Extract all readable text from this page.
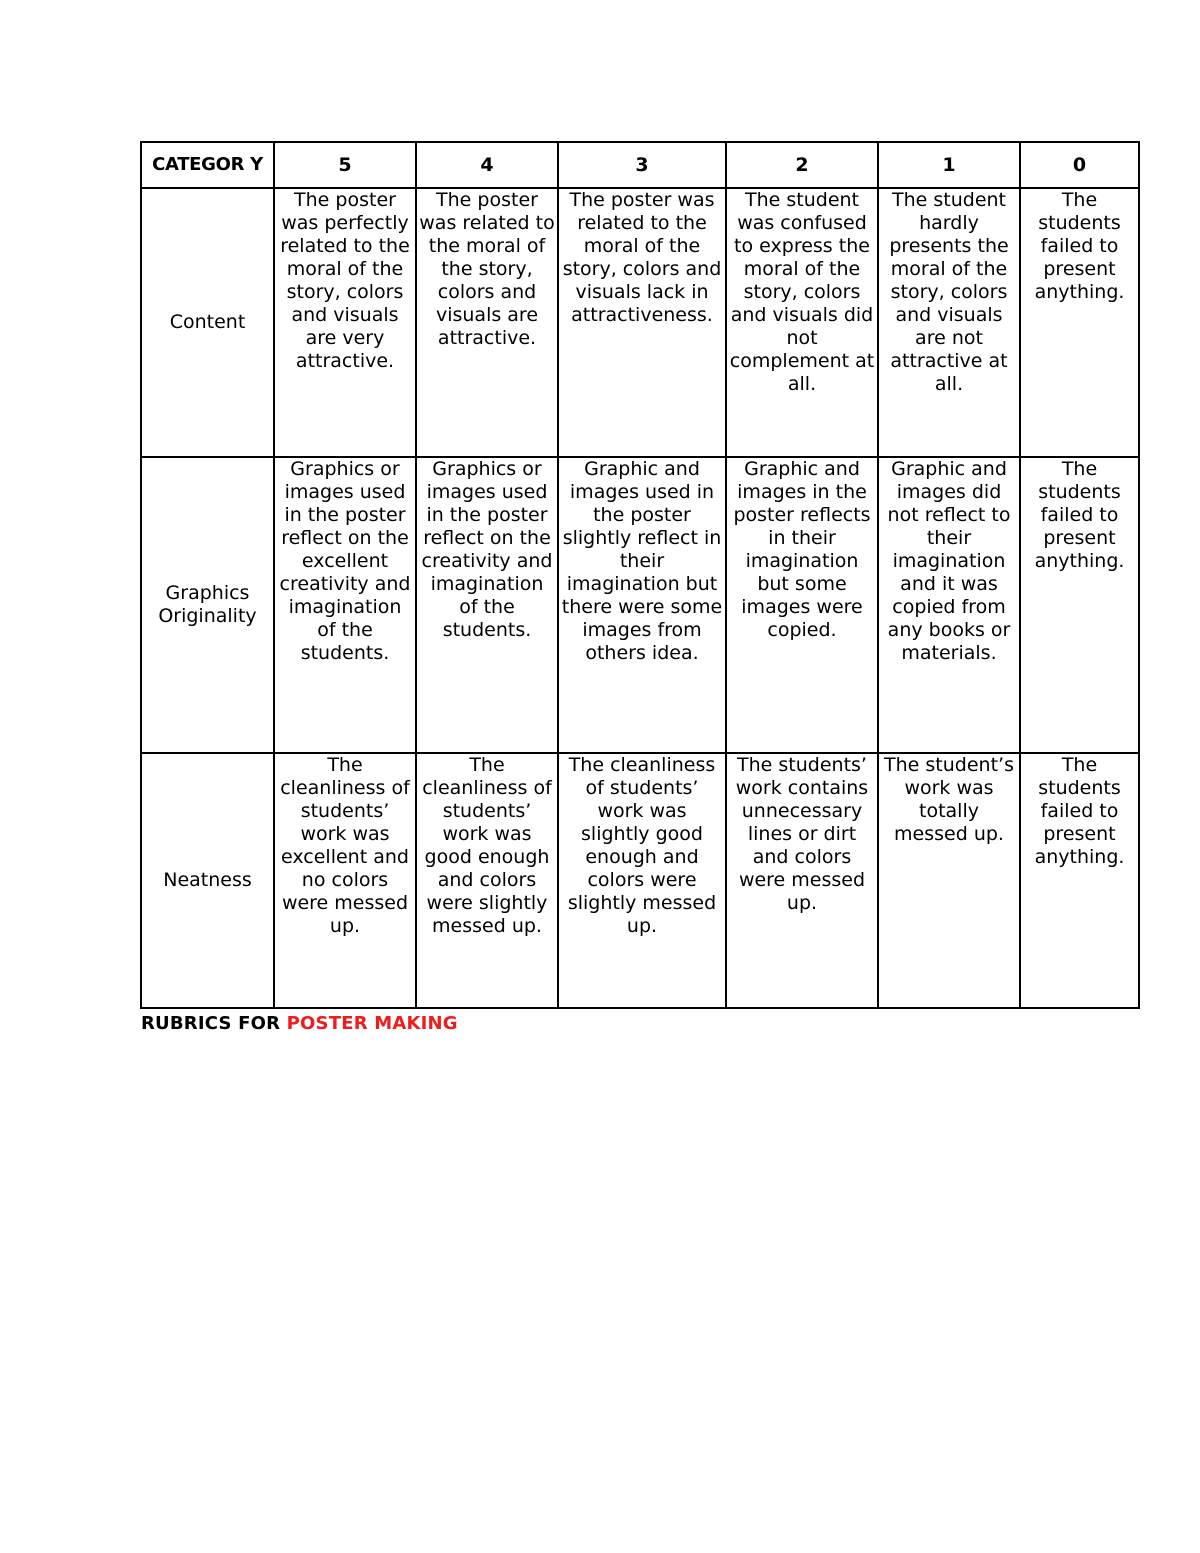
CATEGOR Y	5	4	3	2	1	0
Content	The poster was perfectly related to the moral of the story, colors and visuals are very attractive.	The poster was related to the moral of the story, colors and visuals are attractive.	The poster was related to the moral of the story, colors and visuals lack in attractiveness.	The student was confused to express the moral of the story, colors and visuals did not complement at all.	The student hardly presents the moral of the story, colors and visuals are not attractive at all.	The students failed to present anything.
Graphics Originality	Graphics or images used in the poster reflect on the excellent creativity and imagination of the students.	Graphics or images used in the poster reflect on the creativity and imagination of the students.	Graphic and images used in the poster slightly reflect in their imagination but there were some images from others idea.	Graphic and images in the poster reflects in their imagination but some images were copied.	Graphic and images did not reflect to their imagination and it was copied from any books or materials.	The students failed to present anything.
Neatness	The cleanliness of students’ work was excellent and no colors were messed up.	The cleanliness of students’ work was good enough and colors were slightly messed up.	The cleanliness of students’ work was slightly good enough and colors were slightly messed up.	The students’ work contains unnecessary lines or dirt and colors were messed up.	The student’s work was totally messed up.	The students failed to present anything.
RUBRICS FOR POSTER MAKING
